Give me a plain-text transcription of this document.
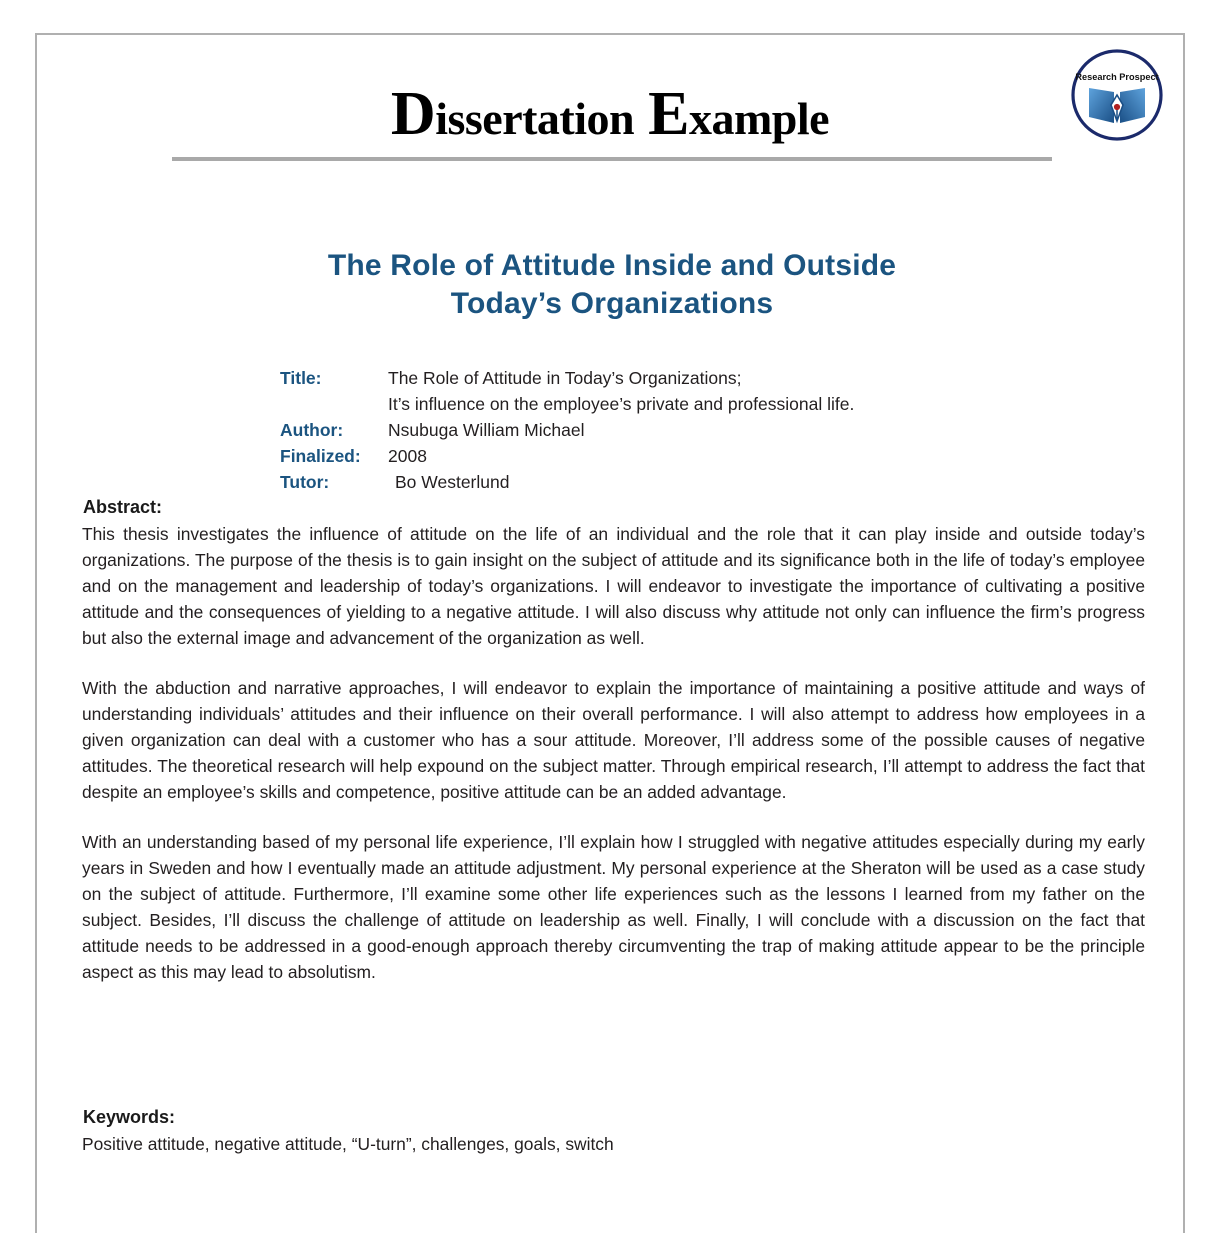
Research Prospect
Dissertation Example
The Role of Attitude Inside and Outside
Today’s Organizations
Title:	The Role of Attitude in Today’s Organizations;
It’s influence on the employee’s private and professional life.
Author:	Nsubuga William Michael
Finalized:	2008
Tutor:	Bo Westerlund
Abstract:

This thesis investigates the influence of attitude on the life of an individual and the role that it can play inside and outside today’s organizations. The purpose of the thesis is to gain insight on the subject of attitude and its significance both in the life of today’s employee and on the management and leadership of today’s organizations. I will endeavor to investigate the importance of cultivating a positive attitude and the consequences of yielding to a negative attitude. I will also discuss why attitude not only can influence the firm’s progress but also the external image and advancement of the organization as well.

With the abduction and narrative approaches, I will endeavor to explain the importance of maintaining a positive attitude and ways of understanding individuals’ attitudes and their influence on their overall performance. I will also attempt to address how employees in a given organization can deal with a customer who has a sour attitude. Moreover, I’ll address some of the possible causes of negative attitudes. The theoretical research will help expound on the subject matter. Through empirical research, I’ll attempt to address the fact that despite an employee’s skills and competence, positive attitude can be an added advantage.

With an understanding based of my personal life experience, I’ll explain how I struggled with negative attitudes especially during my early years in Sweden and how I eventually made an attitude adjustment. My personal experience at the Sheraton will be used as a case study on the subject of attitude. Furthermore, I’ll examine some other life experiences such as the lessons I learned from my father on the subject. Besides, I’ll discuss the challenge of attitude on leadership as well. Finally, I will conclude with a discussion on the fact that attitude needs to be addressed in a good-enough approach thereby circumventing the trap of making attitude appear to be the principle aspect as this may lead to absolutism.

Keywords:
Positive attitude, negative attitude, “U-turn”, challenges, goals, switch
